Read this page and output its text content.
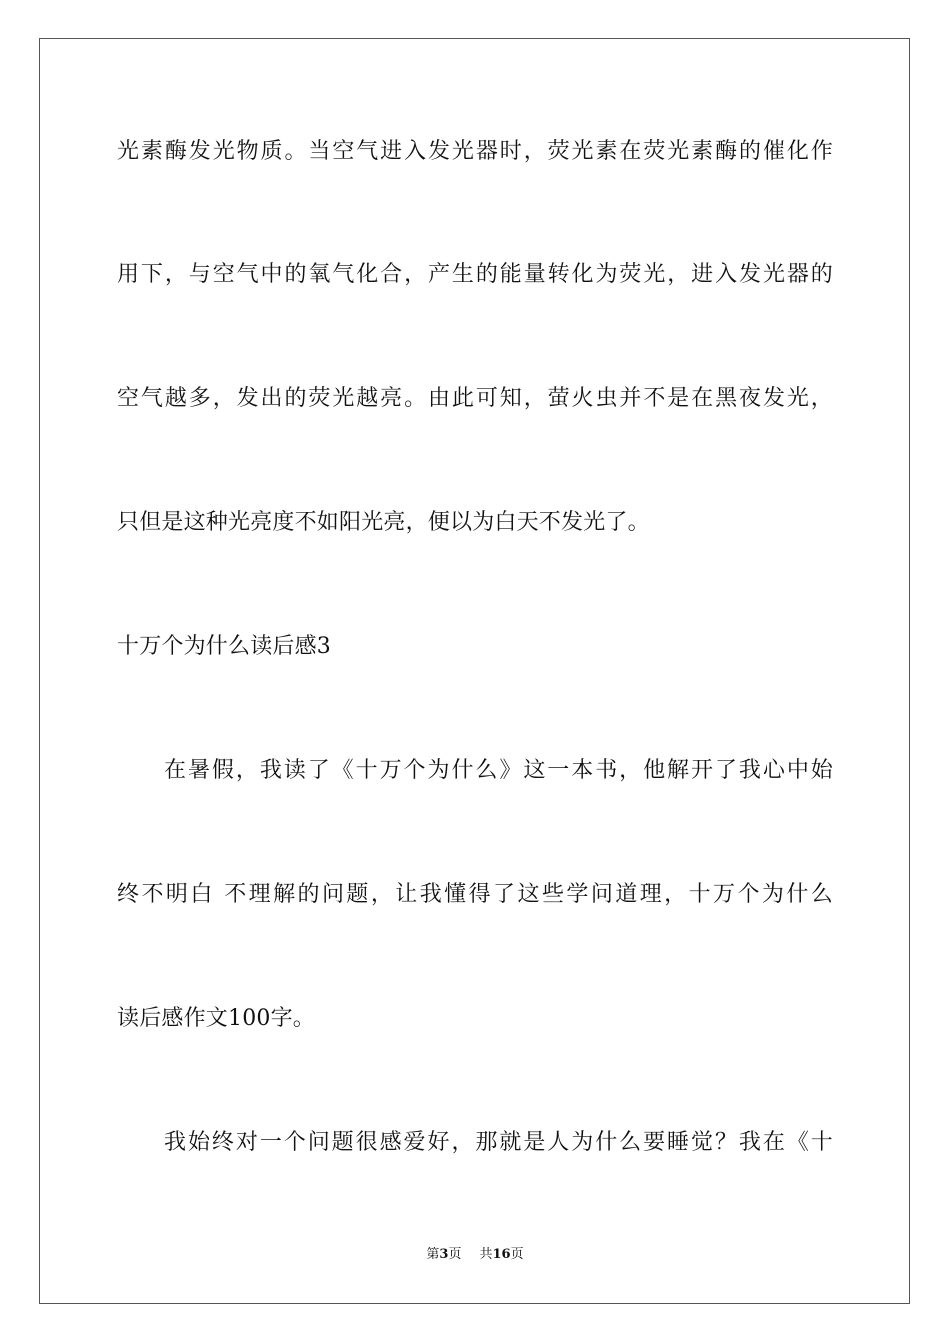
光素酶发光物质。当空气进入发光器时，荧光素在荧光素酶的催化作
用下，与空气中的氧气化合，产生的能量转化为荧光，进入发光器的
空气越多，发出的荧光越亮。由此可知，萤火虫并不是在黑夜发光，
只但是这种光亮度不如阳光亮，便以为白天不发光了。
十万个为什么读后感3
在暑假，我读了《十万个为什么》这一本书，他解开了我心中始
终不明白 不理解的问题，让我懂得了这些学问道理，十万个为什么
读后感作文100字。
我始终对一个问题很感爱好，那就是人为什么要睡觉？我在《十
第3页 共16页
